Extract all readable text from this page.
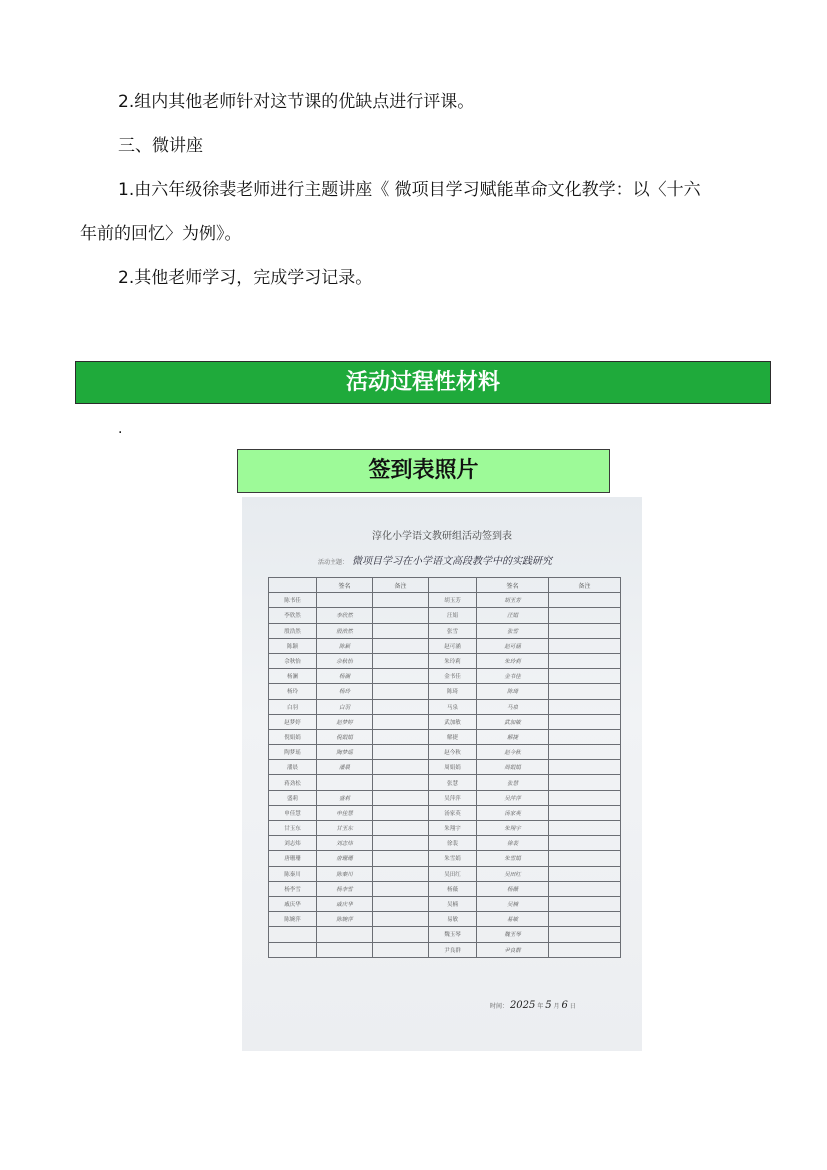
2.组内其他老师针对这节课的优缺点进行评课。
三、微讲座
1.由六年级徐裴老师进行主题讲座《 微项目学习赋能革命文化教学：以〈十六
年前的回忆〉为例》。
2.其他老师学习，完成学习记录。
活动过程性材料
.
签到表照片
淳化小学语文教研组活动签到表
活动主题： 微项目学习在小学语文高段教学中的实践研究
	签名	备注		签名	备注
陈书佳			胡玉芳	胡玉芳	
李欣然	李欣然		汪娟	汪娟	
殷浩然	殷浩然		张雪	张雪	
陈颖	陈颖		赵可涵	赵可涵	
佘秋怡	佘秋怡		朱玲莉	朱玲莉	
杨澜	杨澜		金书佳	金书佳	
杨玲	杨玲		陈琦	陈琦	
白羽	白羽		马泉	马泉	
赵梦婷	赵梦婷		武加敏	武加敏	
倪娟娟	倪娟娟		解捷	解捷	
陶梦瑶	陶梦瑶		赵今秋	赵今秋	
潘晨	潘晨		周娟娟	周娟娟	
蒋劲松			张慧	张慧	
盛莉	盛莉		吴萍萍	吴萍萍	
申佳慧	申佳慧		汤家英	汤家英	
甘玉东	甘玉东		朱翔宇	朱翔宇	
刘志炜	刘志炜		徐裴	徐裴	
唐珊珊	唐珊珊		朱雪娟	朱雪娟	
陈秦川	陈秦川		吴田红	吴田红	
杨李雪	杨李雪		杨薇	杨薇	
戚庆华	戚庆华		吴楠	吴楠	
陈婉萍	陈婉萍		易敏	易敏	
			魏玉琴	魏玉琴	
			尹良群	尹良群	
时间： 2025 年 5 月 6 日
